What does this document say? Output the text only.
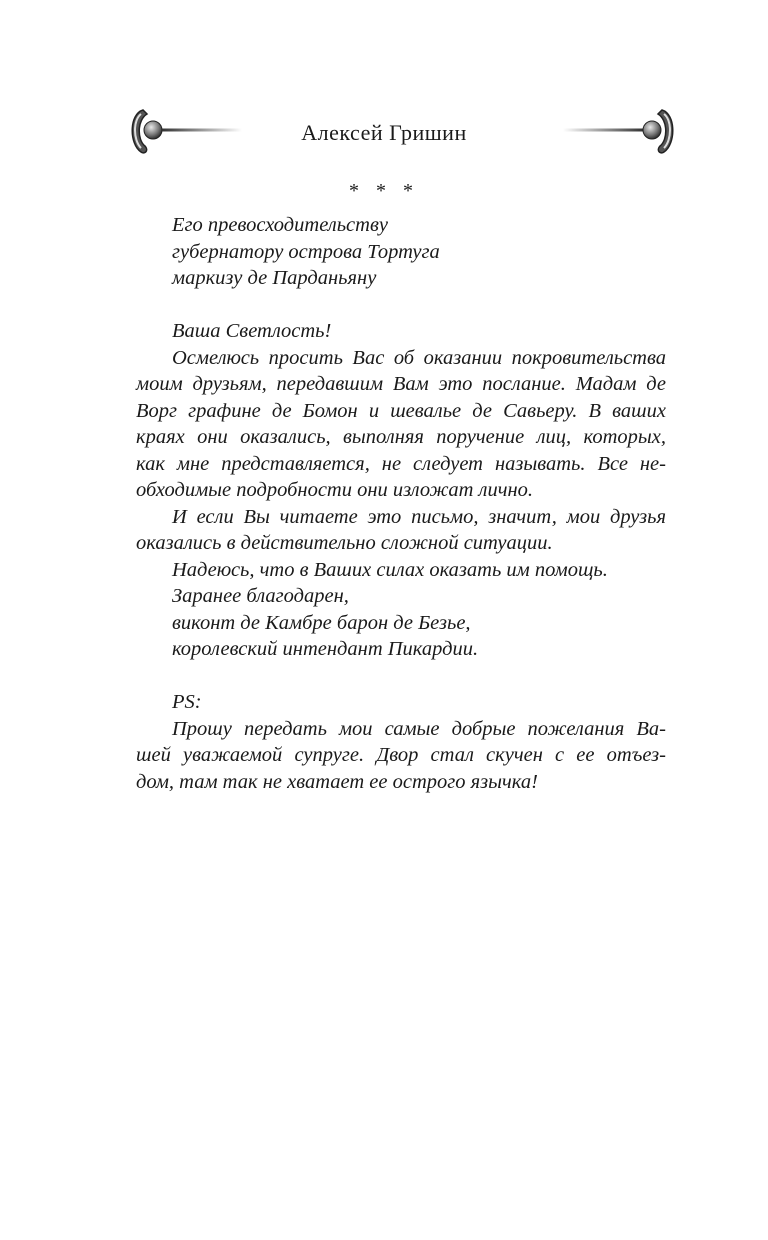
Алексей Гришин
* * *
Его превосходительству
губернатору острова Тортуга
маркизу де Парданьяну
Ваша Светлость!
Осмелюсь просить Вас об оказании покровительства
моим друзьям, передавшим Вам это послание. Мадам де
Ворг графине де Бомон и шевалье де Савьеру. В ваших
краях они оказались, выполняя поручение лиц, которых,
как мне представляется, не следует называть. Все не-
обходимые подробности они изложат лично.
И если Вы читаете это письмо, значит, мои друзья
оказались в действительно сложной ситуации.
Надеюсь, что в Ваших силах оказать им помощь.
Заранее благодарен,
виконт де Камбре барон де Безье,
королевский интендант Пикардии.
PS:
Прошу передать мои самые добрые пожелания Ва-
шей уважаемой супруге. Двор стал скучен с ее отъез-
дом, там так не хватает ее острого язычка!
